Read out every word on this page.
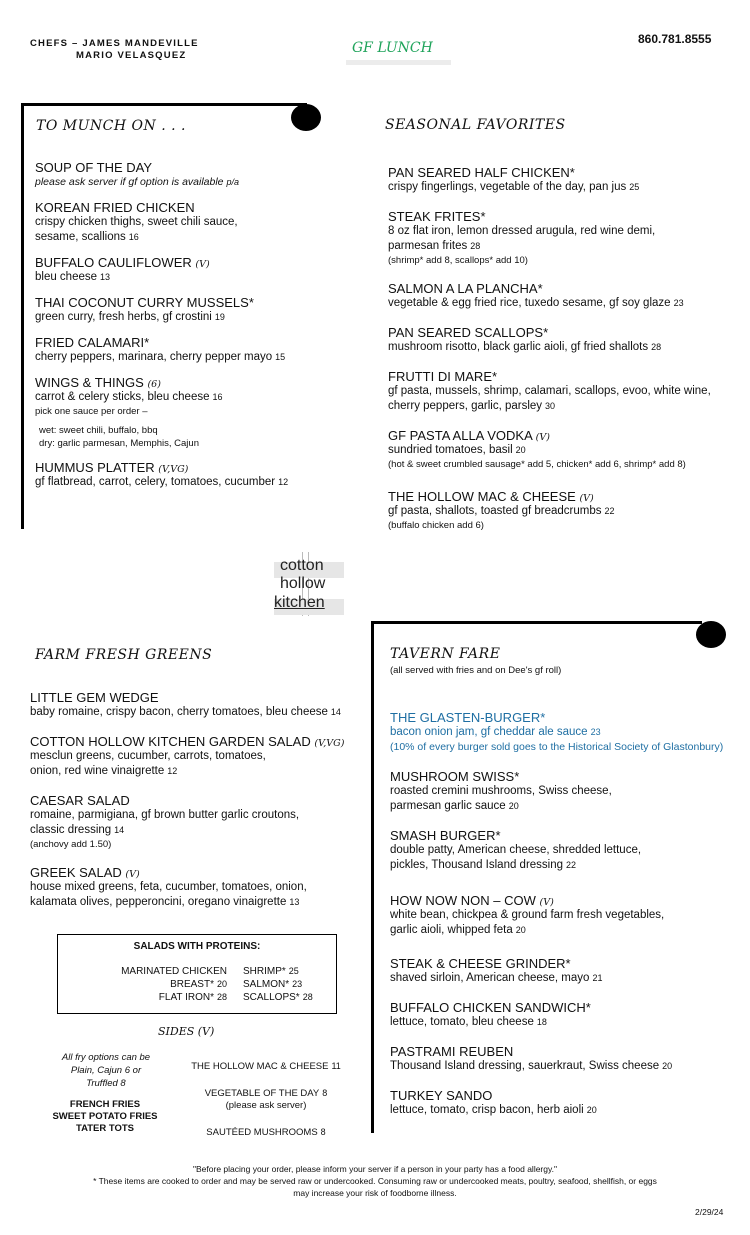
CHEFS – JAMES MANDEVILLE
MARIO VELASQUEZ	GF LUNCH
860.781.8555
TO MUNCH ON . . .
SOUP OF THE DAY
please ask server if gf option is available p/a
KOREAN FRIED CHICKEN
crispy chicken thighs, sweet chili sauce,
sesame, scallions 16
BUFFALO CAULIFLOWER (V)
bleu cheese 13
THAI COCONUT CURRY MUSSELS*
green curry, fresh herbs, gf crostini 19
FRIED CALAMARI*
cherry peppers, marinara, cherry pepper mayo 15
WINGS & THINGS (6)
carrot & celery sticks, bleu cheese 16
pick one sauce per order –
wet: sweet chili, buffalo, bbq
dry: garlic parmesan, Memphis, Cajun
HUMMUS PLATTER (V,VG)
gf flatbread, carrot, celery, tomatoes, cucumber 12
SEASONAL FAVORITES
PAN SEARED HALF CHICKEN*
crispy fingerlings, vegetable of the day, pan jus 25
STEAK FRITES*
8 oz flat iron, lemon dressed arugula, red wine demi,
parmesan frites 28
(shrimp* add 8, scallops* add 10)
SALMON A LA PLANCHA*
vegetable & egg fried rice, tuxedo sesame, gf soy glaze 23
PAN SEARED SCALLOPS*
mushroom risotto, black garlic aioli, gf fried shallots 28
FRUTTI DI MARE*
gf pasta, mussels, shrimp, calamari, scallops, evoo, white wine,
cherry peppers, garlic, parsley 30
GF PASTA ALLA VODKA (V)
sundried tomatoes, basil 20
(hot & sweet crumbled sausage* add 5, chicken* add 6, shrimp* add 8)
THE HOLLOW MAC & CHEESE (V)
gf pasta, shallots, toasted gf breadcrumbs 22
(buffalo chicken add 6)
cotton
hollow
kitchen
FARM FRESH GREENS
LITTLE GEM WEDGE
baby romaine, crispy bacon, cherry tomatoes, bleu cheese 14
COTTON HOLLOW KITCHEN GARDEN SALAD (V,VG)
mesclun greens, cucumber, carrots, tomatoes,
onion, red wine vinaigrette 12
CAESAR SALAD
romaine, parmigiana, gf brown butter garlic croutons,
classic dressing 14
(anchovy add 1.50)
GREEK SALAD (V)
house mixed greens, feta, cucumber, tomatoes, onion,
kalamata olives, pepperoncini, oregano vinaigrette 13
SALADS WITH PROTEINS:
MARINATED CHICKEN BREAST* 20
FLAT IRON* 28
SHRIMP* 25
SALMON* 23
SCALLOPS* 28
SIDES (V)
All fry options can be
Plain, Cajun 6 or
Truffled 8
FRENCH FRIES
SWEET POTATO FRIES
TATER TOTS
THE HOLLOW MAC & CHEESE 11
VEGETABLE OF THE DAY 8
(please ask server)
SAUTÉED MUSHROOMS 8
TAVERN FARE
(all served with fries and on Dee's gf roll)
THE GLASTEN-BURGER*
bacon onion jam, gf cheddar ale sauce 23
(10% of every burger sold goes to the Historical Society of Glastonbury)
MUSHROOM SWISS*
roasted cremini mushrooms, Swiss cheese,
parmesan garlic sauce 20
SMASH BURGER*
double patty, American cheese, shredded lettuce,
pickles, Thousand Island dressing 22
HOW NOW NON – COW (V)
white bean, chickpea & ground farm fresh vegetables,
garlic aioli, whipped feta 20
STEAK & CHEESE GRINDER*
shaved sirloin, American cheese, mayo 21
BUFFALO CHICKEN SANDWICH*
lettuce, tomato, bleu cheese 18
PASTRAMI REUBEN
Thousand Island dressing, sauerkraut, Swiss cheese 20
TURKEY SANDO
lettuce, tomato, crisp bacon, herb aioli 20
"Before placing your order, please inform your server if a person in your party has a food allergy."
* These items are cooked to order and may be served raw or undercooked. Consuming raw or undercooked meats, poultry, seafood, shellfish, or eggs
may increase your risk of foodborne illness.
2/29/24
